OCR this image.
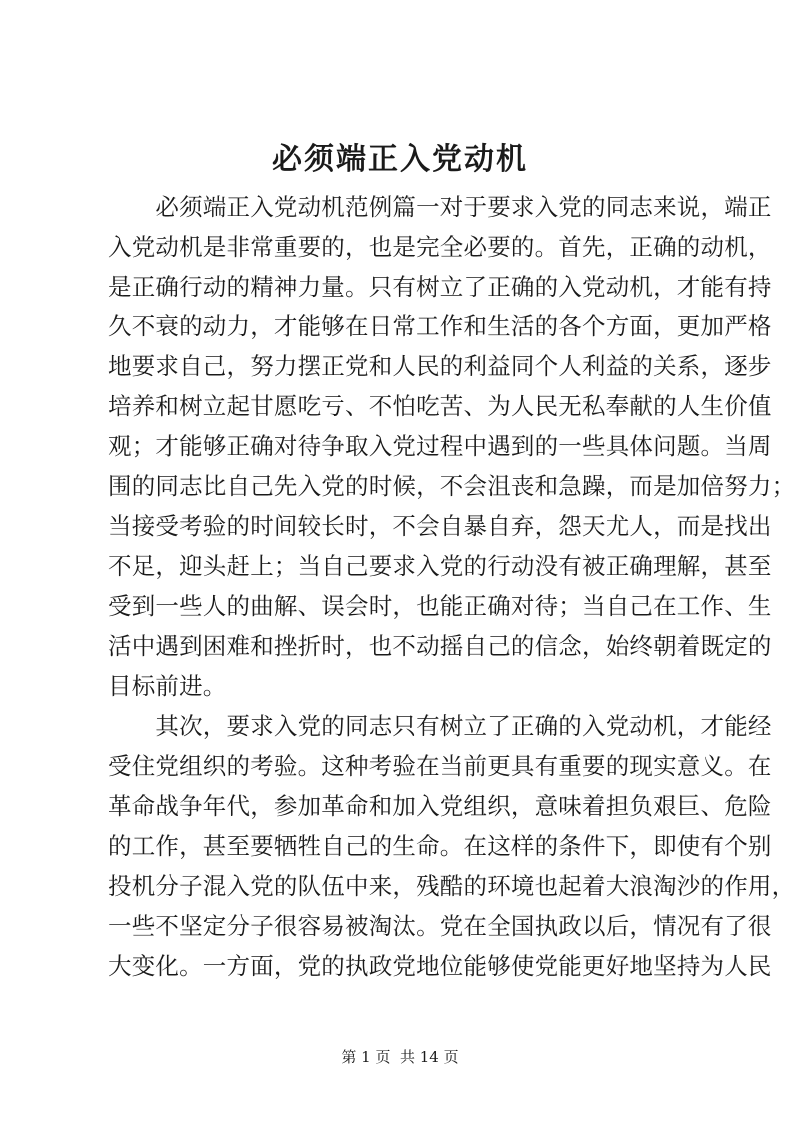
必须端正入党动机
　　必须端正入党动机范例篇一对于要求入党的同志来说，端正
入党动机是非常重要的，也是完全必要的。首先，正确的动机，
是正确行动的精神力量。只有树立了正确的入党动机，才能有持
久不衰的动力，才能够在日常工作和生活的各个方面，更加严格
地要求自己，努力摆正党和人民的利益同个人利益的关系，逐步
培养和树立起甘愿吃亏、不怕吃苦、为人民无私奉献的人生价值
观；才能够正确对待争取入党过程中遇到的一些具体问题。当周
围的同志比自己先入党的时候，不会沮丧和急躁，而是加倍努力；
当接受考验的时间较长时，不会自暴自弃，怨天尤人，而是找出
不足，迎头赶上；当自己要求入党的行动没有被正确理解，甚至
受到一些人的曲解、误会时，也能正确对待；当自己在工作、生
活中遇到困难和挫折时，也不动摇自己的信念，始终朝着既定的
目标前进。
　　其次，要求入党的同志只有树立了正确的入党动机，才能经
受住党组织的考验。这种考验在当前更具有重要的现实意义。在
革命战争年代，参加革命和加入党组织，意味着担负艰巨、危险
的工作，甚至要牺牲自己的生命。在这样的条件下，即使有个别
投机分子混入党的队伍中来，残酷的环境也起着大浪淘沙的作用，
一些不坚定分子很容易被淘汰。党在全国执政以后，情况有了很
大变化。一方面，党的执政党地位能够使党能更好地坚持为人民
第 1 页  共 14 页
